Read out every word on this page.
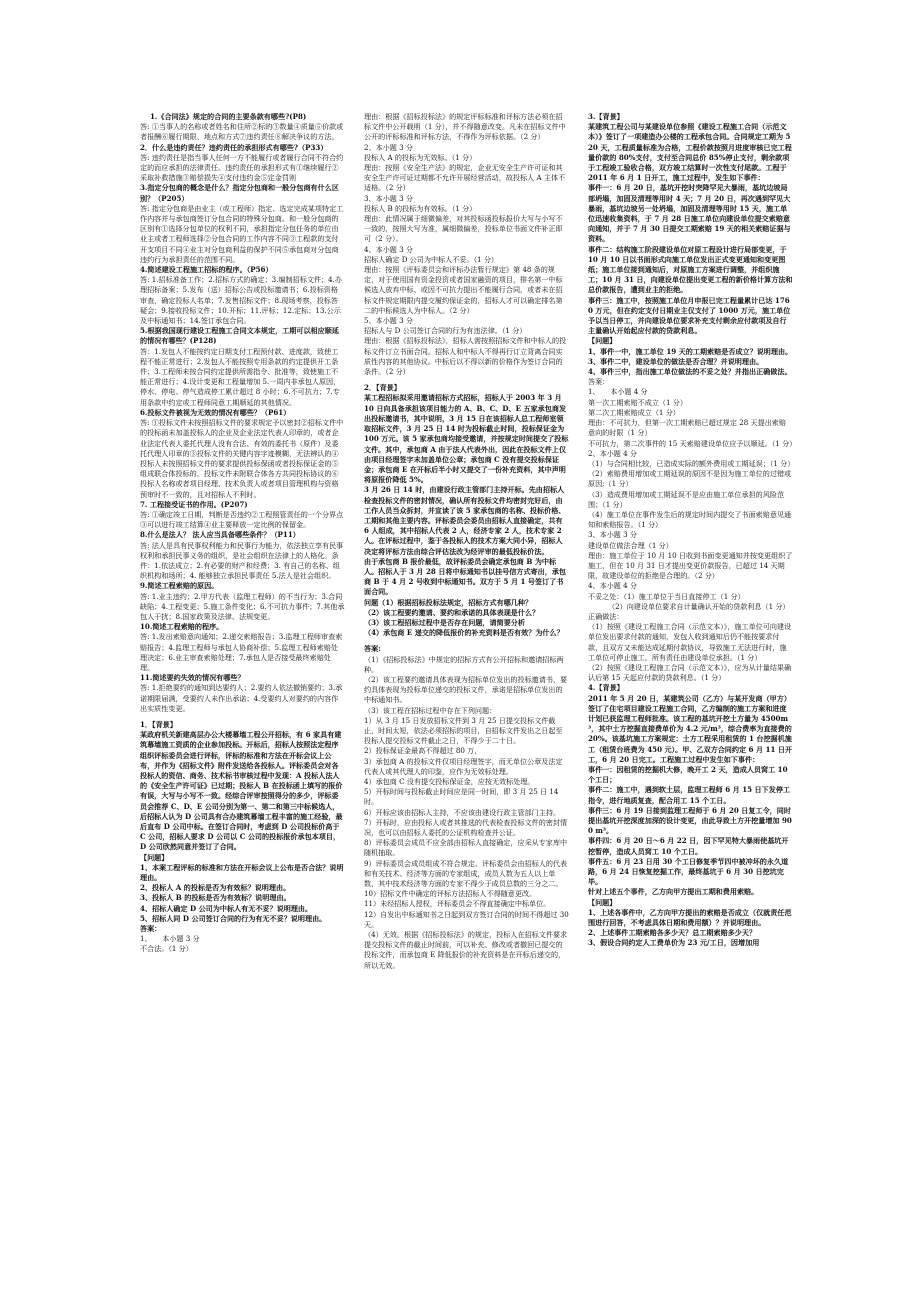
1.《合同法》规定的合同的主要条款有哪些?(P8)

答: ①当事人的名称或者姓名和住所②标的③数量④质量⑤价款或者报酬⑥履行期限、地点和方式⑦违约责任⑧解决争议的方法。

2．什么是违约责任？违约责任的承担形式有哪些?（P33）

答: 违约责任是指当事人任何一方不能履行或者履行合同不符合约定的而应承担的法律责任。违约责任的承担形式有①继续履行②采取补救措施③赔偿损失④支付违约金⑤定金罚则

3.指定分包商的概念是什么？指定分包商和一般分包商有什么区别？（P205）

答: 指定分包商是由业主（或工程师）指定、选定完成某项特定工作内容并与承包商签订分包合同的特殊分包商。和一般分包商的区别有①选择分包单位的权利不同，承担指定分包任务的单位由业主或者工程师选择②分包合同的工作内容不同③工程款的支付开支项目不同④业主对分包商利益的保护不同⑤承包商对分包商违约行为承担责任的范围不同。

4.简述建设工程施工招标的程序。（P56）

答: 1.招标准备工作；2.招标方式的确定；3.编制招标文件；4.办理招标备案；5.发布（送）招标公告或投标邀请书；6.投标资格审查，确定投标人名单；7.发售招标文件；8.现场考察，投标答疑会；9.接收投标文件；10.开标；11.评标；12.定标；13.公示及中标通知书；14.签订承包合同。

5.根据我国现行建设工程施工合同文本规定，工期可以相应顺延的情况有哪些？(P128)

答：1.发包人不能按约定日期支付工程预付款、进度款，致使工程不能正常进行；2.发包人不能按照专用条款的约定提供开工条件；3.工程师未按合同约定提供所需指令、批准等，致使施工不能正常进行；4.设计变更和工程量增加 5.一周内非承包人原因，停水、停电、停气造成停工累计超过 8 小时；6.不可抗力；7.专用条款中约定或工程师同意工期顺延的其他情况。

6.投标文件被视为无效的情况有哪些？（P61）

答: ①投标文件未按照招标文件的要求规定予以密封②招标文件中的投标函未加盖投标人的企业及企业法定代表人印章的，或者企业法定代表人委托代理人没有合法、有效的委托书（原件）及委托代理人印章的③投标文件的关键内容字迹模糊，无法辨认的④投标人未按照招标文件的要求提供投标保函或者投标保证金的⑤组成联合体投标的，投标文件未附联合体各方共同投标协议的⑥投标人名称或者项目经理、技术负责人或者项目管理机构与资格预审时不一致的，且对招标人不利时。

7. 工程接受证书的作用。(P207)

答: ①确定竣工日期，判断是否违约②工程照管责任的一个分界点③可以进行竣工结算④业主要释放一定比例的保留金。

8.什么是法人？ 法人应当具备哪些条件？（P11）

答: 法人是具有民事权利能力和民事行为能力，依法独立享有民事权利和承担民事义务的组织，是社会组织在法律上的人格化。条件：1.依法成立；2.有必要的财产和经费；3. 有自己的名称、组织机构和场所；4. 能够独立承担民事责任 5.法人是社会组织。

9.简述工程索赔的原因。

答: 1.业主违约；2.甲方代表（监理工程师）的不当行为；3.合同缺陷；4.工程变更；5.施工条件变化；6.不可抗力事件；7.其他承包人干扰；8.国家政策及法律、法规变更。

10.简述工程索赔的程序。

答: 1.发出索赔意向通知；2.递交索赔报告；3.监理工程师审查索赔报告；4.监理工程师与承包人协商补偿；5.监理工程师索赔处理决定；6.业主审查索赔处理；7.承包人是否接受最终索赔处理。

11.简述要约失效的情况有哪些？

答: 1.拒绝要约的通知到达要约人；2.要约人依法撤销要约；3.承诺期限届满，受要约人未作出承诺；4.受要约人对要约的内容作出实质性变更。

1．【背景】

某政府机关新建高层办公大楼幕墙工程公开招标，有 6 家具有建筑幕墙施工资质的企业参加投标。开标后，招标人按照法定程序组织评标委员会进行评标，评标的标准和方法在开标会议上公布，并作为《招标文件》附件发送给各投标人。评标委员会对各投标人的资信、商务、技术标书审核过程中发现：A 投标人法人的《安全生产许可证》已过期；投标人 B 在投标函上填写的报价有误，大写与小写不一致。经综合评审按照得分的多少，评标委员会推荐 C、D、E 公司分别为第一、第二和第三中标候选人，后招标人认为 D 公司具有合办建筑幕墙工程丰富的施工经验，最后直布 D 公司中标。在签订合同时，考虑到 D 公司投标价高于 C 公司，招标人要求 D 公司以 C 公司的投标报价承包本项目，D 公司欣然同意并签订了合同。

【问题】

1、本案工程评标的标准和方法在开标会议上公布是否合法？说明理由。

2、投标人 A 的投标是否为有效标？说明理由。

3、投标人 B 的投标是否为有效标？说明理由。

4、招标人确定 D 公司为中标人有无不妥？说明理由。

5、招标人同 D 公司签订合同的行为有无不妥？说明理由。

答案：

1、　　本小题 3 分

不合法。（1 分）

理由：根据《招标投标法》的规定评标标准和评标方法必须在招标文件中公开载明（1 分），并不得随意改变。凡未在招标文件中公开的评标标准和评标方法，不得作为评标依据。（2 分）

2、本小题 3 分

投标人 A 的投标为无效标。（1 分）

理由：按照《安全生产法》的规定，企业无安全生产许可证和其安全生产许可证过期都不允许开展经营活动，故投标人 A 主体不适格。（2 分）

3、本小题 3 分

投标人 B 的投标为有效标。（1 分）

理由：此情况属于细微偏差，对其投标函投标报价大写与小写不一致的，按照大写为准，属细微偏差，投标单位书面文件补正即可（2 分）。

4、本小题 3 分

招标人确定 D 公司为中标人不妥。（1 分）

理由：按照《评标委员会和评标办法暂行规定》第 48 条的规定，对于使用国有资金投资或者国家融资的项目，排名第一中标候选人放弃中标、或因不可抗力提出不能履行合同，或者未在招标文件规定期限内提交履约保证金的，招标人才可以确定排名第二的中标候选人为中标人。（2 分）

5、本小题 3 分

招标人与 D 公司签订合同的行为有违法律。（1 分）

理由：根据《招标投标法》，招标人需按照招标文件和中标人的投标文件订立书面合同。招标人和中标人不得再行订立背离合同实质性内容的其他协议。中标后以不得以新的价格作为签订合同的条件。（2 分）

2．【背景】

某工程招标拟采用邀请招标方式招标，招标人于 2003 年 3 月 10 日向具备承担该项目能力的 A、B、C、D、E 五家承包商发出投标邀请书，其中说明，3 月 15 日在该招标人总工程师室领取招标文件，3 月 25 日 14 时为投标截止时间，投标保证金为 100 万元。该 5 家承包商均接受邀请，并按规定时间提交了投标文件。其中，承包商 A 由于法人代表外出，因此在投标文件上仅由项目经理签字未加盖单位公章；承包商 C 没有提交投标保证金；承包商 E 在开标后半小时又提交了一份补充资料，其中声明将原报价降低 5%。

3 月 26 日 14 时，由建设行政主管部门主持开标。先由招标人检查投标文件的密封情况，确认所有投标文件均密封完好后，由工作人员当众拆封，并宣读了该 5 家承包商的名称、投标价格、工期和其他主要内容。评标委员会委员由招标人直接确定，共有 6 人组成，其中招标人代表 2 人，经济专家 2 人，技术专家 2 人。在评标过程中，鉴于各投标人的技术方案大同小异，招标人决定将评标方法由综合评估法改为经评审的最低投标价法。

由于承包商 B 报价最低，故评标委员会确定承包商 B 为中标人。招标人于 3 月 28 日将中标通知书以挂号信方式寄出，承包商 B 于 4 月 2 号收到中标通知书。双方于 5 月 1 号签订了书面合同。

问题（1）根据招标投标法规定，招标方式有哪几种？

（2）该工程要约邀请、要约和承诺的具体表现是什么？

（3）该工程招标过程中是否存在问题，请简要分析

（4）承包商 E 递交的降低报价的补充资料是否有效？为什么？

答案:

（1）《招标投标法》中规定的招标方式有公开招标和邀请招标两种。

（2）该工程要约邀请具体表现为招标单位发出的投标邀请书，要约具体表现为投标单位递交的投标文件，承诺是招标单位发出的中标通知书。

（3）该工程在招标过程中存在下列问题：

1）从 3 月 15 日发放招标文件到 3 月 25 日提交投标文件截止，时间太短，依法必须招标的项目，自招标文件发出之日起至投标人提交投标文件截止之日，不得少于二十日。

2）投标保证金最高不得超过 80 万，

3）承包商 A 的投标文件仅项目经理签字，而无单位公章及法定代表人或其代理人的印鉴，应作为无效标处理。

4）承包商 C 没有提交投标保证金，应按无效标处理。

5）开标时间与投标截止时间应是同一时间，即 3 月 25 日 14 时。

6）开标应该由招标人主持，不应该由建设行政主管部门主持。

7）开标时，应由投标人或者其推选的代表检查投标文件的密封情况，也可以由招标人委托的公证机构检查并公证。

8）评标委员会成员不应全部由招标人直接确定，应采从专家库中随机抽取。

9）评标委员会成员组成不符合规定。评标委员会由招标人的代表和有关技术、经济等方面的专家组成，成员人数为五人以上单数，其中技术经济等方面的专家不得少于成员总数的三分之二。

10）招标文件中确定的评标方法招标人不得随意更改。

11）未经招标人授权，评标委员会不得直接确定中标单位。

12）自发出中标通知书之日起到双方签订合同的时间不得超过 30 天。

（4）无效。根据《招标投标法》的规定，投标人在招标文件要求提交投标文件的截止时间前，可以补充、修改或者撤回已提交的投标文件，而承包商 E 降低报价的补充资料是在开标后递交的，所以无效。

3.【背景】

某建筑工程公司与某建设单位参照《建设工程施工合同（示范文本）》签订了一项建造办公楼的工程承包合同。合同规定工期为 520 天，工程质量标准为合格，工程价款按照月进度审核已完工程量价款的 80%支付，支付至合同总价 85%停止支付，剩余款项于工程竣工验收合格，双方竣工结算时一次性支付尾款。工程于 2011 年 6 月 1 日开工，施工过程中，发生如下事件：

事件一：6 月 20 日，基坑开挖时突降罕见大暴雨，基坑边坡局部坍塌，加固及清理等用时 4 天；7 月 20 日，再次遇到罕见大暴雨，基坑边坡另一处坍塌，加固及清理等用时 15 天，施工单位迅速收集资料，于 7 月 28 日施工单位向建设单位提交索赔意向通知，并于 7 月 30 日提交工期索赔 19 天的相关索赔证据与资料。

事件二：结构施工阶段建设单位对原工程设计进行局部变更，于 10 月 10 日以书面形式向施工单位发出正式变更通知和变更图纸；施工单位接到通知后，对原施工方案进行调整，并组织施工；10 月 31 日，向建设单位提出变更工程的新价格计算方法和总价款报告，遭到业主的拒绝。

事件三：施工中，按照施工单位月申报已完工程量累计已达 1760 万元，但在约定支付日期业主仅支付了 1000 万元，施工单位予以当日停工，并向建设单位要求补充支付剩余应付款项及自行主量确认开始起应付款的贷款利息。

【问题】

1、事件一中，施工单位 19 天的工期索赔是否成立？说明理由。

3、事件二中，建设单位的做法是否合理？并说明理由。

4、事件三中，指出施工单位做法的不妥之处？并指出正确做法。

答案：

1、　　本小题 4 分

第一次工期索赔不成立（1 分）

第二次工期索赔成立（1 分）

理由：不可抗力，但第一次工期索赔已超过规定 28 天提出索赔意向的时限（1 分）

不可抗力，第二次事件的 15 天索赔建设单位应予以顺延。（1 分）

2、本小题 4 分

（1）与合同相比较，已造成实际的额外费用或工期延误；（1 分）

（2）索赔费用增加或工期延误的原因不是因为施工单位的过错或原因;（1 分）

（3）造成费用增加或工期延误不是应由施工单位承担的风险范围；（1 分）

（4）施工单位在事件发生后的规定时间内提交了书面索赔意见通知和索赔报告。（1 分）

3、本小题 3 分

建设单位做法合理（1 分）

理由：施工单位于 10 月 10 日收到书面变更通知并按变更组织了施工，但在 10 月 31 日才提出变更价款报告，已超过 14 天期限，故建设单位的拒绝是合理的。（2 分）

4、本小题 4 分

不妥之处：（1）施工单位于当日直接停工（1 分）

（2）向建设单位要求自计量确认开始的贷款利息（1 分）

正确做法：

（1）按照《建设工程施工合同（示范文本）》，施工单位可向建设单位发出要求付款的通知，发包人收到通知后仍不能按要求付款，且双方又未能达成延期付款协议，导致施工无法进行时，施工单位可停止施工，所有责任由建设单位承担。（1 分）

（2）按照《建设工程施工合同（示范文本）》，应为从计量结果确认后第 15 天起应付款的贷款利息。（1 分）

4.【背景】

2011 年 5 月 20 日，某建筑公司（乙方）与某开发商（甲方）签订了住宅项目建设工程施工合同，乙方编制的施工方案和进度计划已获监理工程师批准。该工程的基坑开挖土方量为 4500m³，其中土方挖掘直接费单价为 4.2 元/m³，综合费率为直接费的 20%。该基坑施工方案规定：土方工程采用租赁的 1 台挖掘机施工（租赁台班费为 450 元）。甲、乙双方合同约定 6 月 11 日开工，6 月 20 日完工。工程施工过程中发生如下事件：

事件一：因租赁的挖掘机大修，晚开工 2 天，造成人员窝工 10 个工日；

事件二：施工中，遇到软土层，监理工程师 6 月 15 日下发停工指令，进行地质复查，配合用工 15 个工日。

事件三：6 月 19 日接到监理工程师于 6 月 20 日复工令，同时提出基坑开挖深度加深的设计变更，由此导致土方开挖量增加 900 m³。

事件四：6 月 20 日～6 月 22 日，因下罕见特大暴雨使基坑开挖暂停，造成人员窝工 10 个工日。

事件五：6 月 23 日用 30 个工日修复季节四中被冲坏的永久道路，6 月 24 日恢复挖掘工作，最终基坑于 6 月 30 日挖坑完毕。

针对上述五个事件，乙方向甲方提出工期和费用索赔。

【问题】

1、上述各事件中，乙方向甲方提出的索赔是否成立（仅就责任范围进行回答，不考虑具体日期和费用额）？并说明理由。

2、上述事件工期索赔各多少天？总工期索赔多少天？

3、假设合同约定人工费单价为 23 元/工日，因增加用
